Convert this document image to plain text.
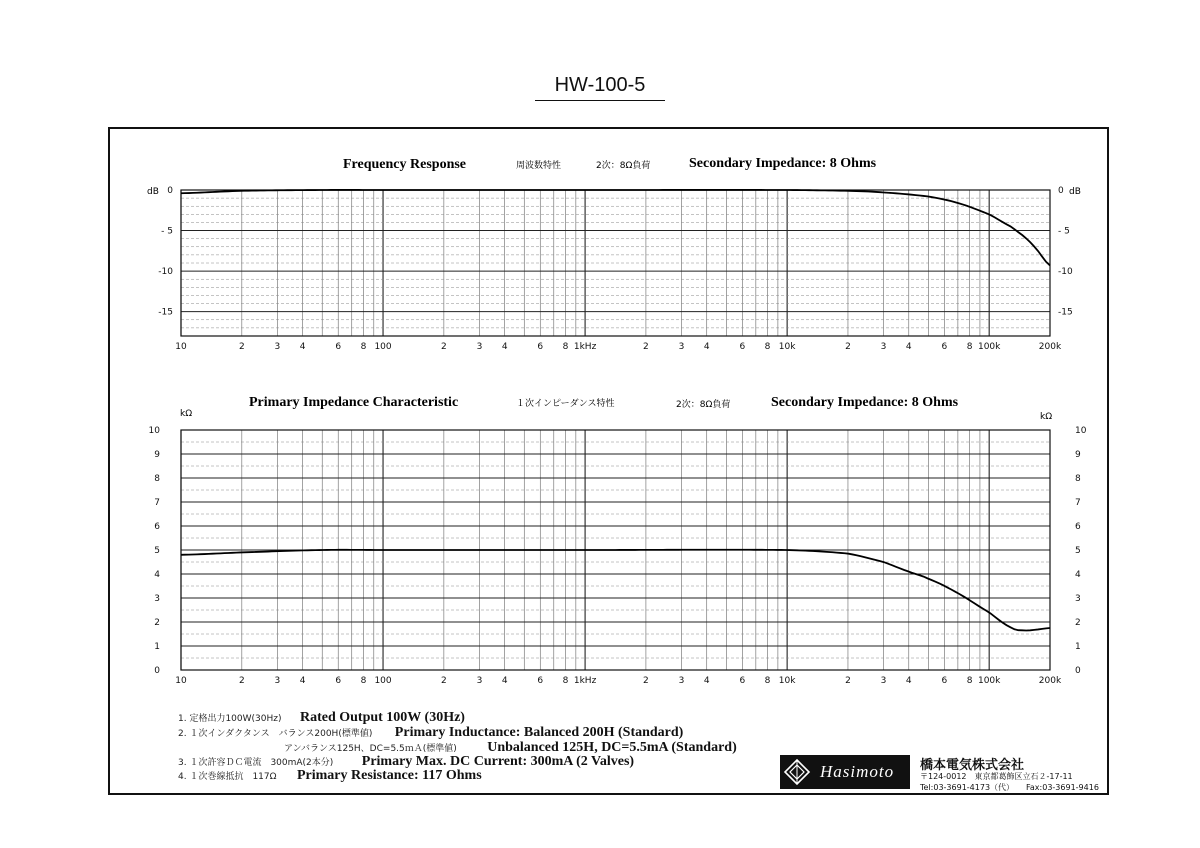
HW-100-5
Frequency Response	周波数特性	2次：8Ω負荷	Secondary Impedance: 8 Ohms
dB	dB
10	2	3 4	6 8 100	2	3 4	6 8 1kHz	2	3 4	6 8 10k	2	3 4	6 8 100k	200k
0	0
- 5	- 5
-10	-10
-15	-15
Primary Impedance Characteristic	１次インピーダンス特性	2次：8Ω負荷	Secondary Impedance: 8 Ohms
kΩ	kΩ
10	2	3 4	6 8 100	2	3 4	6 8 1kHz	2	3 4	6 8 10k	2	3 4	6 8 100k	200k
0	0
1	1
2	2
3	3
4	4
5	5
6	6
7	7
8	8
9	9
10	10
1. 定格出力100W(30Hz) Rated Output 100W (30Hz)
2. １次インダクタンス　バランス200H(標準値) Primary Inductance: Balanced 200H (Standard)
アンバランス125H、DC=5.5ｍＡ(標準値) Unbalanced 125H, DC=5.5mA (Standard)
3. １次許容ＤＣ電流　300mA(2本分) Primary Max. DC Current: 300mA (2 Valves)
4. １次巻線抵抗　117Ω Primary Resistance: 117 Ohms	Hasimoto 橋本電気株式会社
〒124-0012　東京都葛飾区立石２-17-11
Tel:03-3691-4173（代）　　Fax:03-3691-9416
